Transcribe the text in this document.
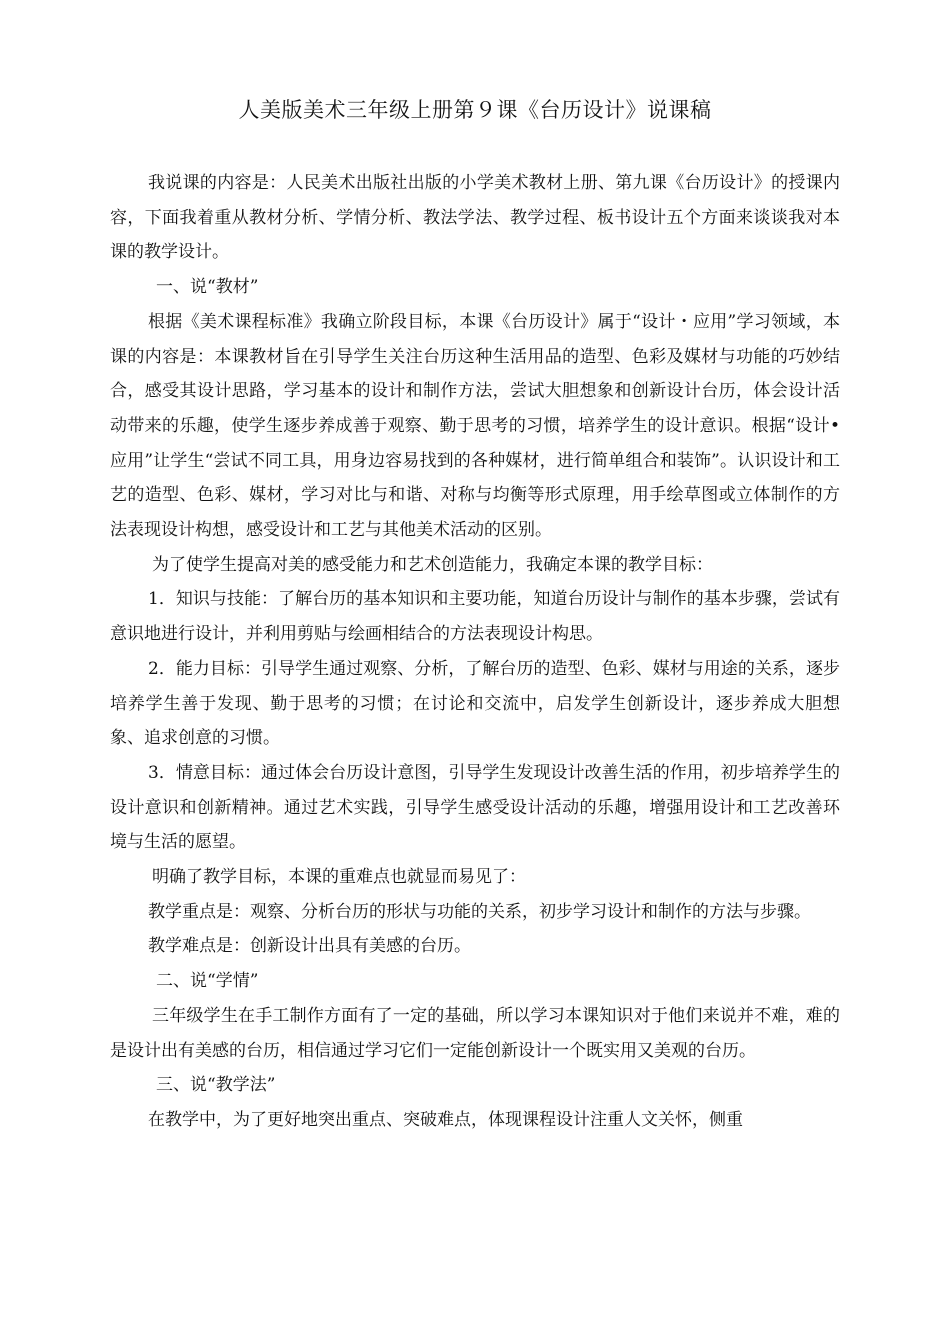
人美版美术三年级上册第９课《台历设计》说课稿

我说课的内容是：人民美术出版社出版的小学美术教材上册、第九课《台历设计》的授课内容，下面我着重从教材分析、学情分析、教法学法、教学过程、板书设计五个方面来谈谈我对本课的教学设计。

一、说“教材”

根据《美术课程标准》我确立阶段目标，本课《台历设计》属于“设计・应用”学习领域，本课的内容是：本课教材旨在引导学生关注台历这种生活用品的造型、色彩及媒材与功能的巧妙结合，感受其设计思路，学习基本的设计和制作方法，尝试大胆想象和创新设计台历，体会设计活动带来的乐趣，使学生逐步养成善于观察、勤于思考的习惯，培养学生的设计意识。根据“设计•应用”让学生“尝试不同工具，用身边容易找到的各种媒材，进行简单组合和装饰”。认识设计和工艺的造型、色彩、媒材，学习对比与和谐、对称与均衡等形式原理，用手绘草图或立体制作的方法表现设计构想，感受设计和工艺与其他美术活动的区别。

为了使学生提高对美的感受能力和艺术创造能力，我确定本课的教学目标：

1．知识与技能：了解台历的基本知识和主要功能，知道台历设计与制作的基本步骤，尝试有意识地进行设计，并利用剪贴与绘画相结合的方法表现设计构思。

2．能力目标：引导学生通过观察、分析，了解台历的造型、色彩、媒材与用途的关系，逐步培养学生善于发现、勤于思考的习惯；在讨论和交流中，启发学生创新设计，逐步养成大胆想象、追求创意的习惯。

3．情意目标：通过体会台历设计意图，引导学生发现设计改善生活的作用，初步培养学生的设计意识和创新精神。通过艺术实践，引导学生感受设计活动的乐趣，增强用设计和工艺改善环境与生活的愿望。

明确了教学目标，本课的重难点也就显而易见了：

教学重点是：观察、分析台历的形状与功能的关系，初步学习设计和制作的方法与步骤。

教学难点是：创新设计出具有美感的台历。

二、说“学情”

三年级学生在手工制作方面有了一定的基础，所以学习本课知识对于他们来说并不难，难的是设计出有美感的台历，相信通过学习它们一定能创新设计一个既实用又美观的台历。

三、说“教学法”

在教学中，为了更好地突出重点、突破难点，体现课程设计注重人文关怀，侧重
